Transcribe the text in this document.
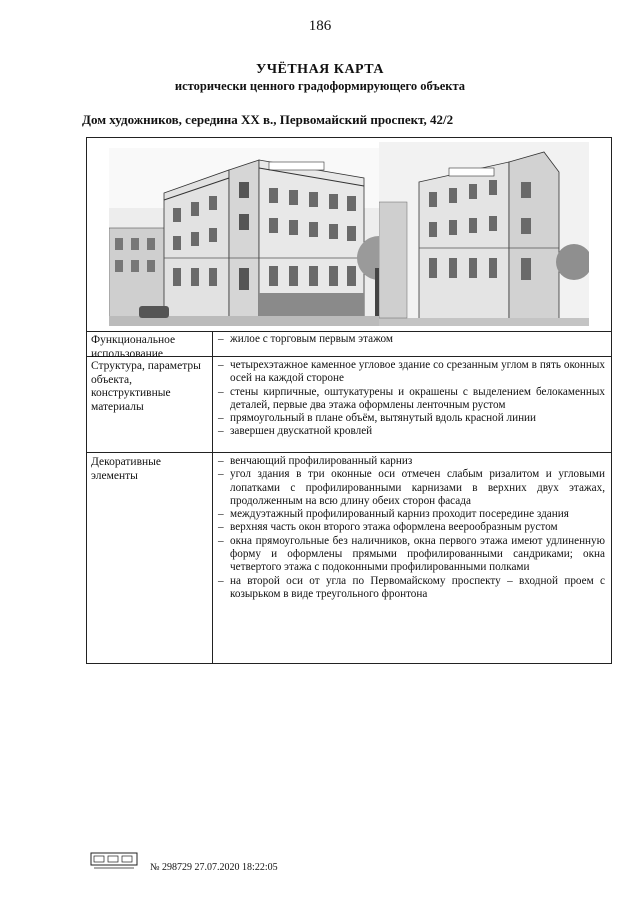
186
УЧЁТНАЯ КАРТА
исторически ценного градоформирующего объекта
Дом художников, середина XX в., Первомайский проспект, 42/2
Функциональное использование
– жилое с торговым первым этажом
Структура, параметры объекта, конструктивные материалы
– четырехэтажное каменное угловое здание со срезанным углом в пять оконных осей на каждой стороне
– стены кирпичные, оштукатурены и окрашены с выделением белокаменных деталей, первые два этажа оформлены ленточным рустом
– прямоугольный в плане объём, вытянутый вдоль красной линии
– завершен двускатной кровлей
Декоративные элементы
– венчающий профилированный карниз
– угол здания в три оконные оси отмечен слабым ризалитом и угловыми лопатками с профилированными карнизами в верхних двух этажах, продолженным на всю длину обеих сторон фасада
– междуэтажный профилированный карниз проходит посередине здания
– верхняя часть окон второго этажа оформлена веерообразным рустом
– окна прямоугольные без наличников, окна первого этажа имеют удлиненную форму и оформлены прямыми профилированными сандриками; окна четвертого этажа с подоконными профилированными полками
– на второй оси от угла по Первомайскому проспекту – входной проем с козырьком в виде треугольного фронтона
№ 298729 27.07.2020 18:22:05
